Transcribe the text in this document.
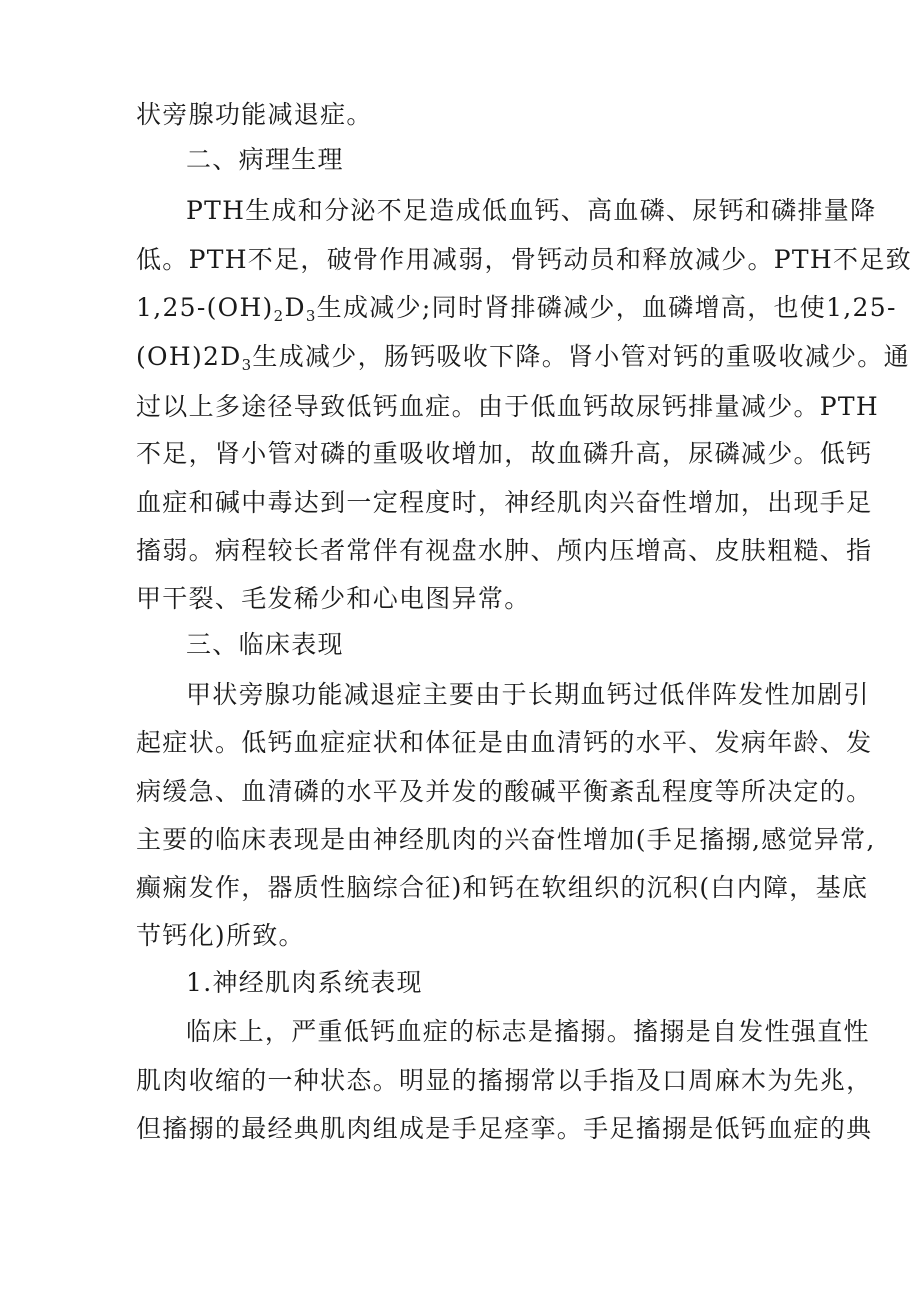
状旁腺功能减退症。
二、病理生理
PTH生成和分泌不足造成低血钙、高血磷、尿钙和磷排量降
低。PTH不足，破骨作用减弱，骨钙动员和释放减少。PTH不足致
$1,25-(OH)_2D_3$生成减少;同时肾排磷减少，血磷增高，也使1,25-
$(OH)2D_3$生成减少，肠钙吸收下降。肾小管对钙的重吸收减少。通
过以上多途径导致低钙血症。由于低血钙故尿钙排量减少。PTH
不足，肾小管对磷的重吸收增加，故血磷升高，尿磷减少。低钙
血症和碱中毒达到一定程度时，神经肌肉兴奋性增加，出现手足
搐弱。病程较长者常伴有视盘水肿、颅内压增高、皮肤粗糙、指
甲干裂、毛发稀少和心电图异常。
三、临床表现
甲状旁腺功能减退症主要由于长期血钙过低伴阵发性加剧引
起症状。低钙血症症状和体征是由血清钙的水平、发病年龄、发
病缓急、血清磷的水平及并发的酸碱平衡紊乱程度等所决定的。
主要的临床表现是由神经肌肉的兴奋性增加(手足搐搦,感觉异常,
癫痫发作，器质性脑综合征)和钙在软组织的沉积(白内障，基底
节钙化)所致。
1.神经肌肉系统表现
临床上，严重低钙血症的标志是搐搦。搐搦是自发性强直性
肌肉收缩的一种状态。明显的搐搦常以手指及口周麻木为先兆，
但搐搦的最经典肌肉组成是手足痉挛。手足搐搦是低钙血症的典
